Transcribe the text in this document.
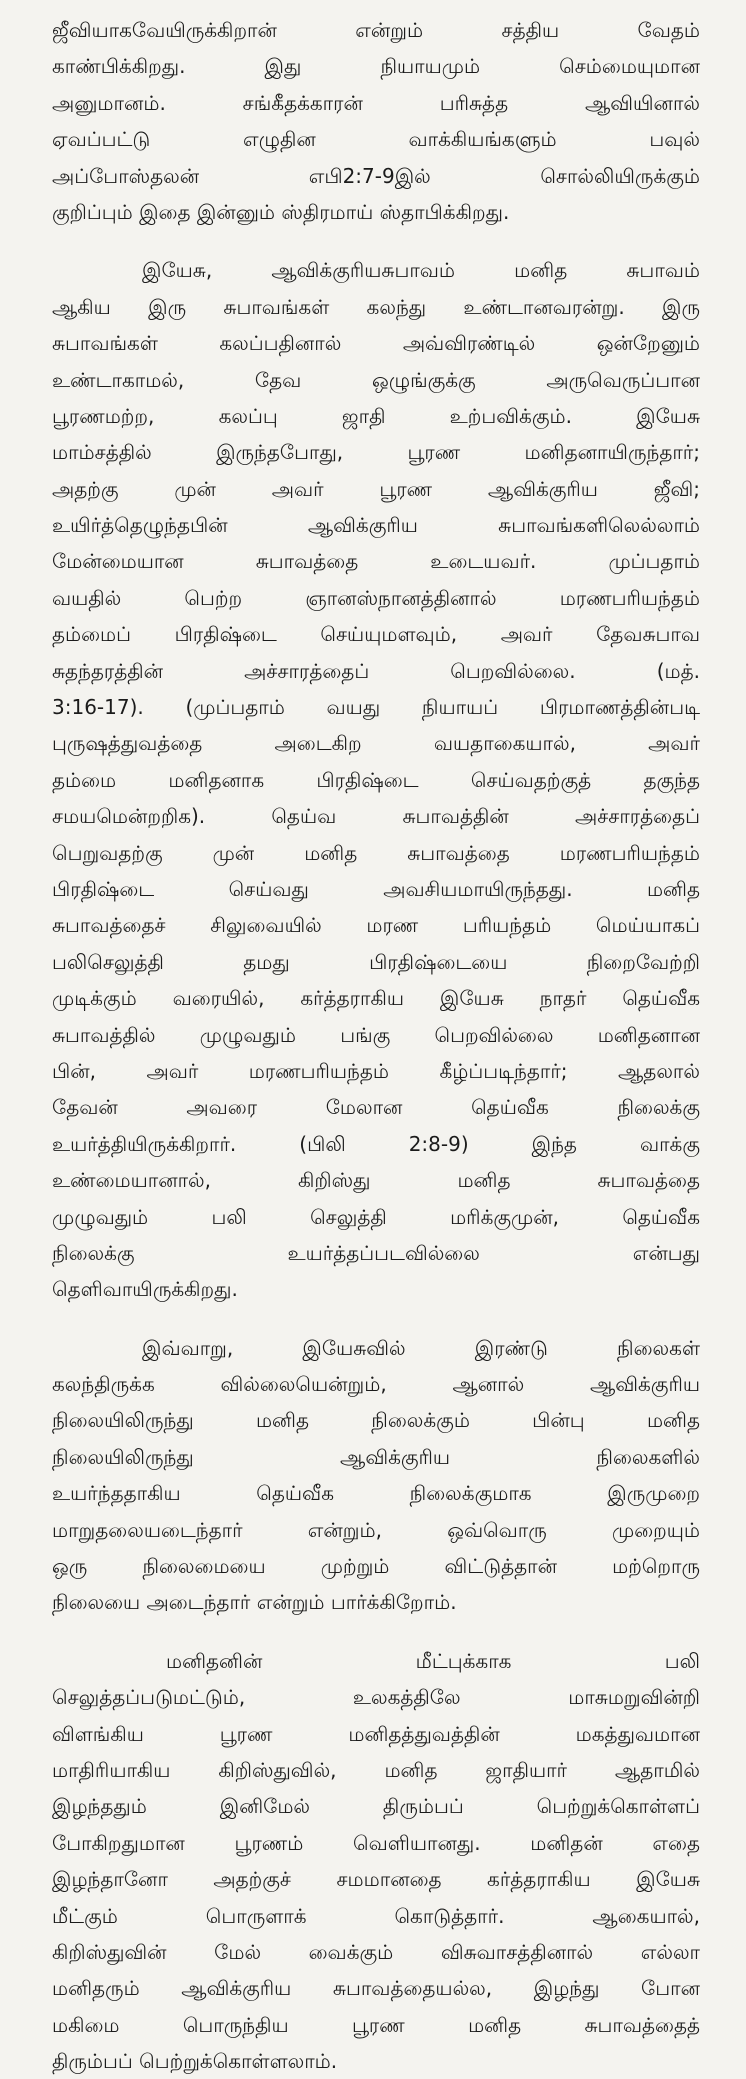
ஜீவியாகவேயிருக்கிறான் என்றும் சத்திய வேதம்
காண்பிக்கிறது. இது நியாயமும் செம்மையுமான
அனுமானம். சங்கீதக்காரன் பரிசுத்த ஆவியினால்
ஏவப்பட்டு எழுதின வாக்கியங்களும் பவுல்
அப்போஸ்தலன் எபி2:7-9இல் சொல்லியிருக்கும்
குறிப்பும் இதை இன்னும் ஸ்திரமாய் ஸ்தாபிக்கிறது.
இயேசு, ஆவிக்குரியசுபாவம் மனித சுபாவம்
ஆகிய இரு சுபாவங்கள் கலந்து உண்டானவரன்று. இரு
சுபாவங்கள் கலப்பதினால் அவ்விரண்டில் ஒன்றேனும்
உண்டாகாமல், தேவ ஒழுங்குக்கு அருவெருப்பான
பூரணமற்ற, கலப்பு ஜாதி உற்பவிக்கும். இயேசு
மாம்சத்தில் இருந்தபோது, பூரண மனிதனாயிருந்தார்;
அதற்கு முன் அவர் பூரண ஆவிக்குரிய ஜீவி;
உயிர்த்தெழுந்தபின் ஆவிக்குரிய சுபாவங்களிலெல்லாம்
மேன்மையான சுபாவத்தை உடையவர். முப்பதாம்
வயதில் பெற்ற ஞானஸ்நானத்தினால் மரணபரியந்தம்
தம்மைப் பிரதிஷ்டை செய்யுமளவும், அவர் தேவசுபாவ
சுதந்தரத்தின் அச்சாரத்தைப் பெறவில்லை. (மத்.
3:16-17). (முப்பதாம் வயது நியாயப் பிரமாணத்தின்படி
புருஷத்துவத்தை அடைகிற வயதாகையால், அவர்
தம்மை மனிதனாக பிரதிஷ்டை செய்வதற்குத் தகுந்த
சமயமென்றறிக). தெய்வ சுபாவத்தின் அச்சாரத்தைப்
பெறுவதற்கு முன் மனித சுபாவத்தை மரணபரியந்தம்
பிரதிஷ்டை செய்வது அவசியமாயிருந்தது. மனித
சுபாவத்தைச் சிலுவையில் மரண பரியந்தம் மெய்யாகப்
பலிசெலுத்தி தமது பிரதிஷ்டையை நிறைவேற்றி
முடிக்கும் வரையில், கர்த்தராகிய இயேசு நாதர் தெய்வீக
சுபாவத்தில் முழுவதும் பங்கு பெறவில்லை மனிதனான
பின், அவர் மரணபரியந்தம் கீழ்ப்படிந்தார்; ஆதலால்
தேவன் அவரை மேலான தெய்வீக நிலைக்கு
உயர்த்தியிருக்கிறார். (பிலி 2:8-9) இந்த வாக்கு
உண்மையானால், கிறிஸ்து மனித சுபாவத்தை
முழுவதும் பலி செலுத்தி மரிக்குமுன், தெய்வீக
நிலைக்கு உயர்த்தப்படவில்லை என்பது
தெளிவாயிருக்கிறது.
இவ்வாறு, இயேசுவில் இரண்டு நிலைகள்
கலந்திருக்க வில்லையென்றும், ஆனால் ஆவிக்குரிய
நிலையிலிருந்து மனித நிலைக்கும் பின்பு மனித
நிலையிலிருந்து ஆவிக்குரிய நிலைகளில்
உயர்ந்ததாகிய தெய்வீக நிலைக்குமாக இருமுறை
மாறுதலையடைந்தார் என்றும், ஒவ்வொரு முறையும்
ஒரு நிலைமையை முற்றும் விட்டுத்தான் மற்றொரு
நிலையை அடைந்தார் என்றும் பார்க்கிறோம்.
மனிதனின் மீட்புக்காக பலி
செலுத்தப்படுமட்டும், உலகத்திலே மாசுமறுவின்றி
விளங்கிய பூரண மனிதத்துவத்தின் மகத்துவமான
மாதிரியாகிய கிறிஸ்துவில், மனித ஜாதியார் ஆதாமில்
இழந்ததும் இனிமேல் திரும்பப் பெற்றுக்கொள்ளப்
போகிறதுமான பூரணம் வெளியானது. மனிதன் எதை
இழந்தானோ அதற்குச் சமமானதை கர்த்தராகிய இயேசு
மீட்கும் பொருளாக் கொடுத்தார். ஆகையால்,
கிறிஸ்துவின் மேல் வைக்கும் விசுவாசத்தினால் எல்லா
மனிதரும் ஆவிக்குரிய சுபாவத்தையல்ல, இழந்து போன
மகிமை பொருந்திய பூரண மனித சுபாவத்தைத்
திரும்பப் பெற்றுக்கொள்ளலாம்.
